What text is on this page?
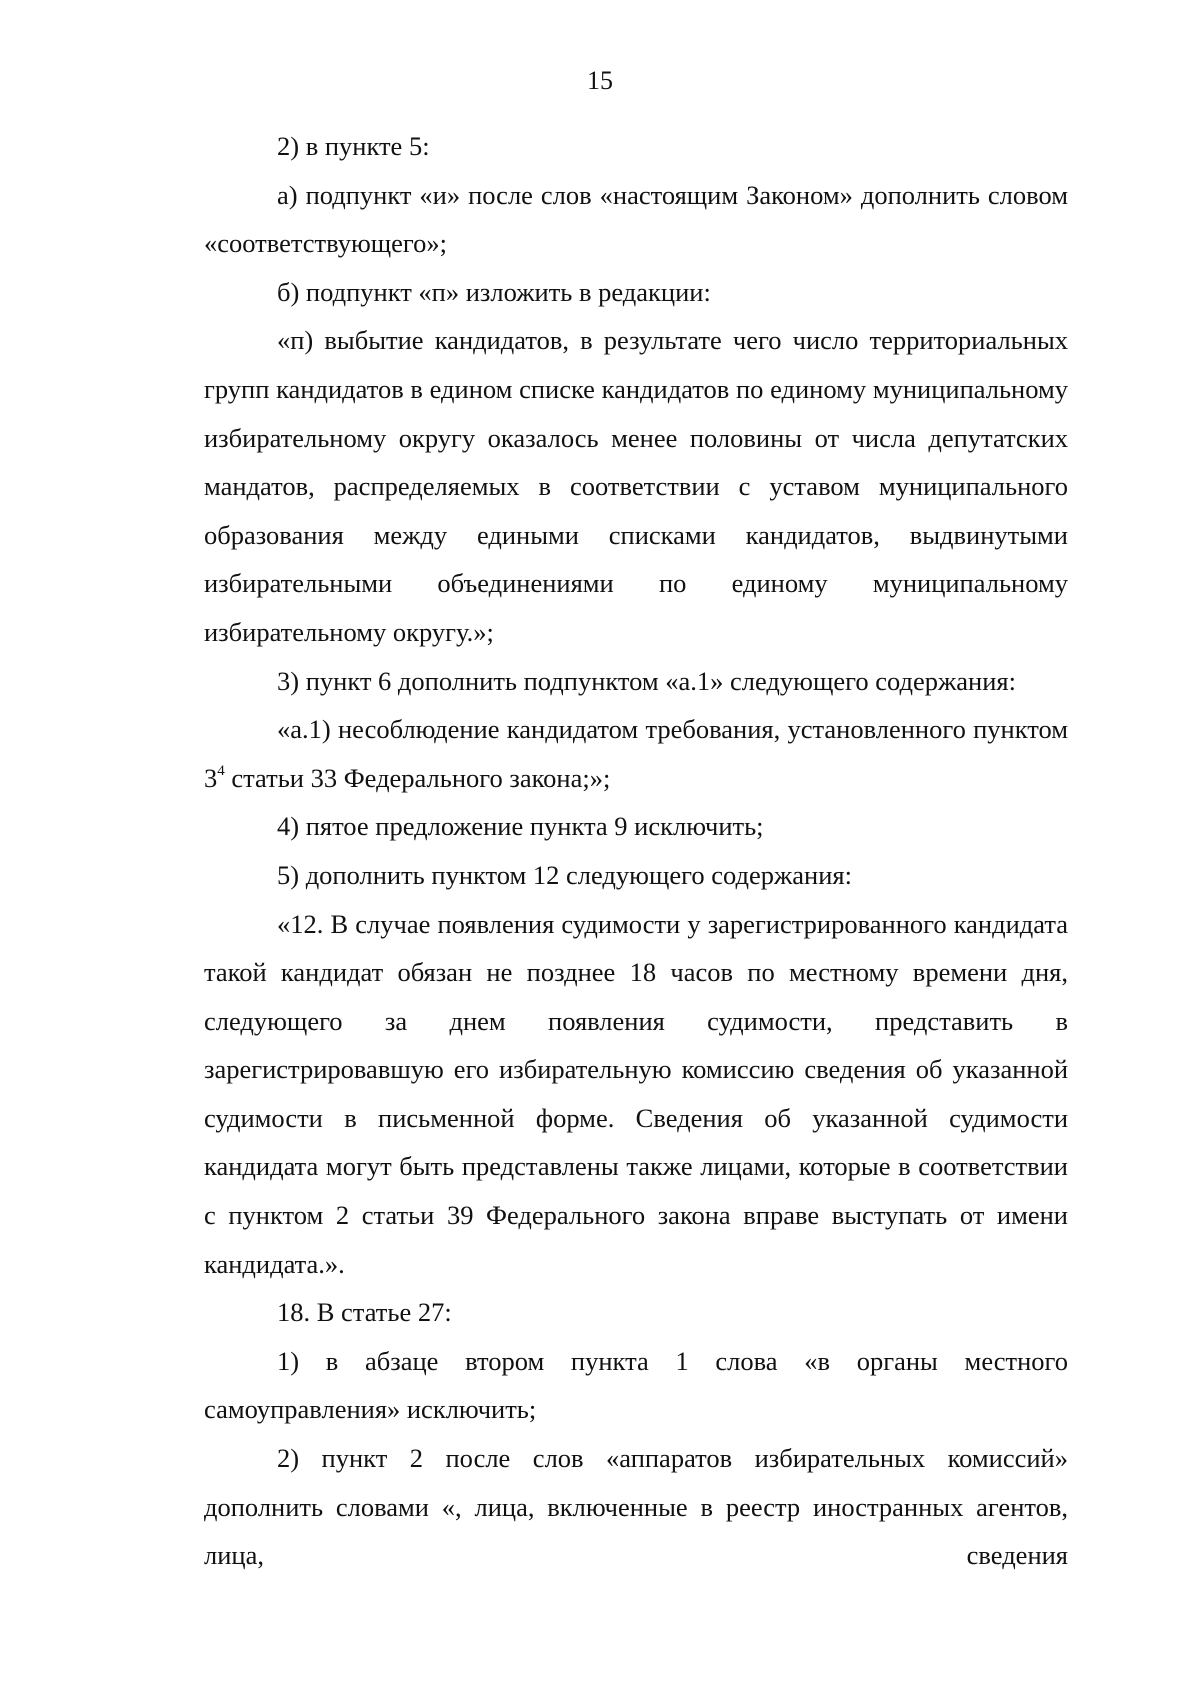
15

2) в пункте 5:

а) подпункт «и» после слов «настоящим Законом» дополнить словом «соответствующего»;

б) подпункт «п» изложить в редакции:

«п) выбытие кандидатов, в результате чего число территориальных групп кандидатов в едином списке кандидатов по единому муниципальному избирательному округу оказалось менее половины от числа депутатских мандатов, распределяемых в соответствии с уставом муниципального образования между едиными списками кандидатов, выдвинутыми избирательными объединениями по единому муниципальному избирательному округу.»;

3) пункт 6 дополнить подпунктом «а.1» следующего содержания:

«а.1) несоблюдение кандидатом требования, установленного пунктом $3^4$ статьи 33 Федерального закона;»;

4) пятое предложение пункта 9 исключить;

5) дополнить пунктом 12 следующего содержания:

«12. В случае появления судимости у зарегистрированного кандидата такой кандидат обязан не позднее 18 часов по местному времени дня, следующего за днем появления судимости, представить в зарегистрировавшую его избирательную комиссию сведения об указанной судимости в письменной форме. Сведения об указанной судимости кандидата могут быть представлены также лицами, которые в соответствии с пунктом 2 статьи 39 Федерального закона вправе выступать от имени кандидата.».

18. В статье 27:

1) в абзаце втором пункта 1 слова «в органы местного самоуправления» исключить;

2) пункт 2 после слов «аппаратов избирательных комиссий» дополнить словами «, лица, включенные в реестр иностранных агентов, лица, сведения
